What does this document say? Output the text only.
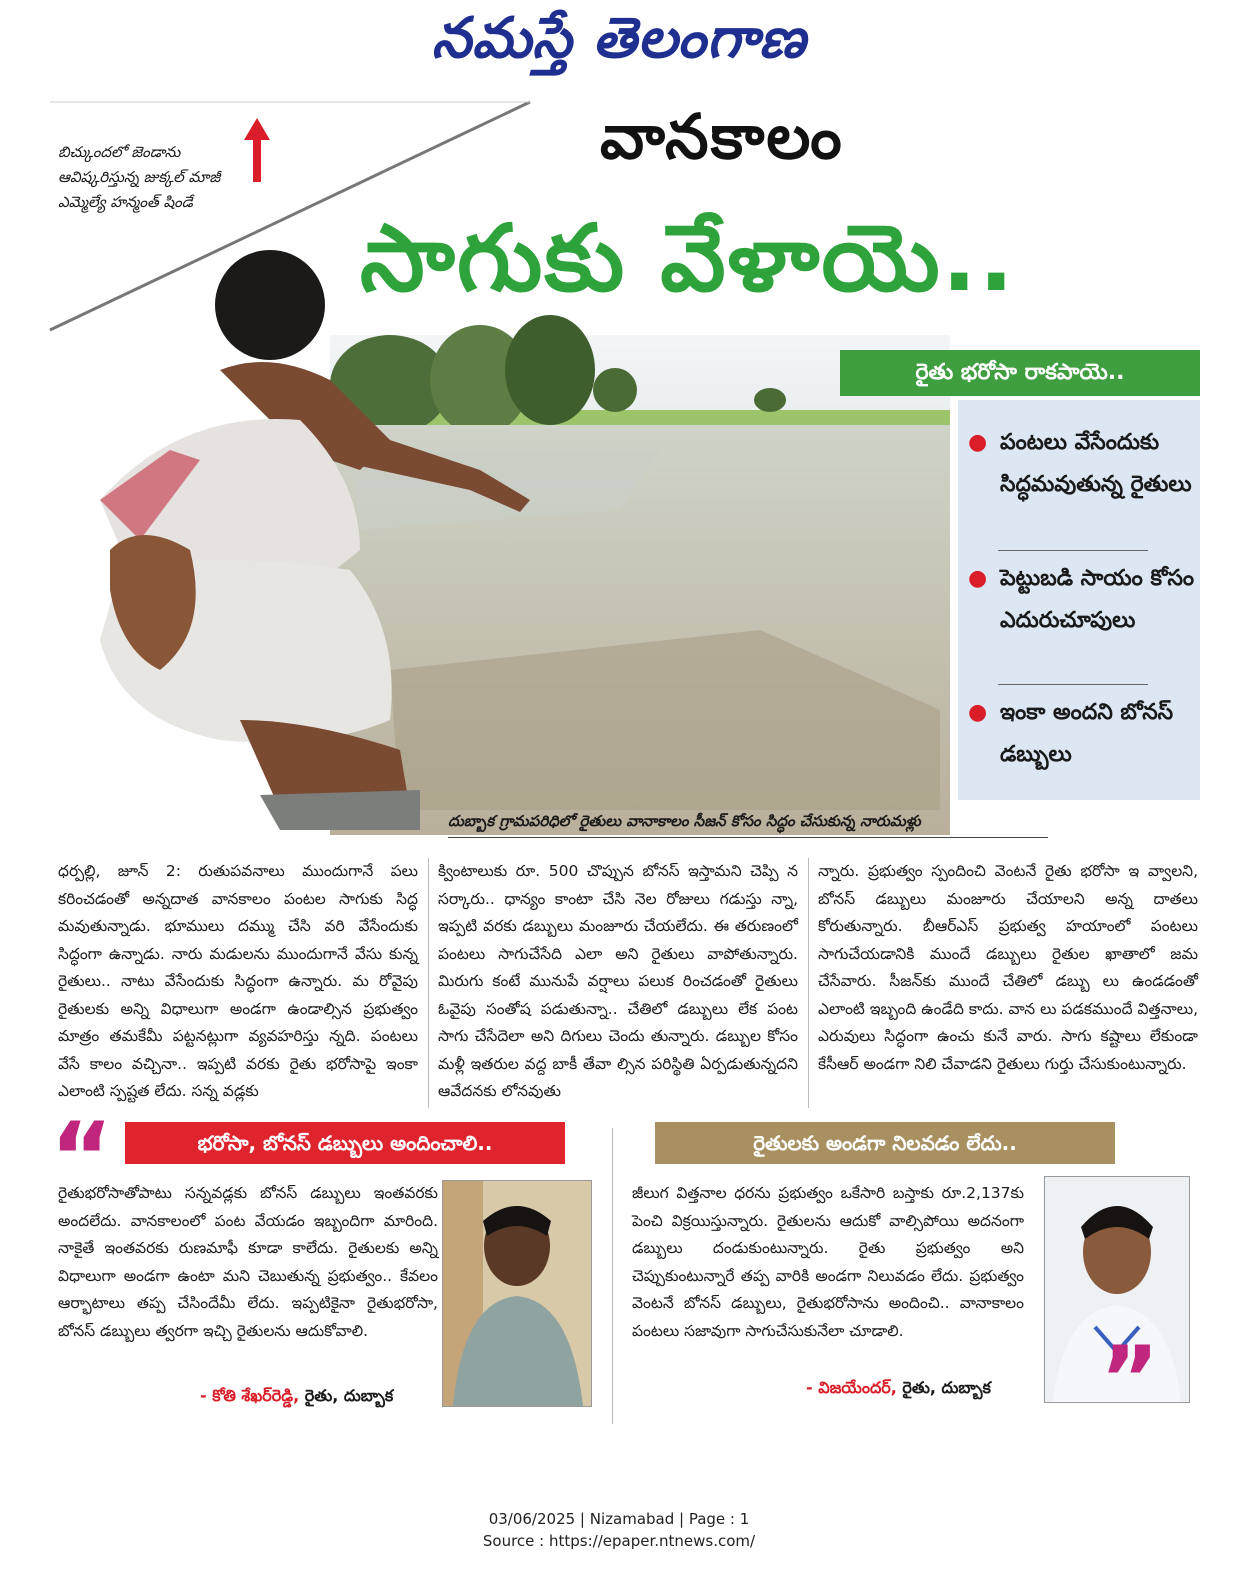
నమస్తే తెలంగాణ
బిచ్కుందలో జెండాను ఆవిష్కరిస్తున్న జుక్కల్ మాజీ ఎమ్మెల్యే హన్మంత్ షిండే
వానకాలం
సాగుకు వేళాయె..
రైతు భరోసా రాకపాయె..
● పంటలు వేసేందుకు సిద్ధమవుతున్న రైతులు
● పెట్టుబడి సాయం కోసం ఎదురుచూపులు
● ఇంకా అందని బోనస్ డబ్బులు
దుబ్బాక గ్రామపరిధిలో రైతులు వానాకాలం సీజన్ కోసం సిద్ధం చేసుకున్న నారుమళ్లు
ధర్పల్లి, జూన్ 2: రుతుపవనాలు ముందుగానే పలు కరించడంతో అన్నదాత వానకాలం పంటల సాగుకు సిద్ధ మవుతున్నాడు. భూములు దమ్ము చేసి వరి వేసేందుకు సిద్ధంగా ఉన్నాడు. నారు మడులను ముందుగానే వేసు కున్న రైతులు.. నాటు వేసేందుకు సిద్ధంగా ఉన్నారు. మ రోవైపు రైతులకు అన్ని విధాలుగా అండగా ఉండాల్సిన ప్రభుత్వం మాత్రం తమకేమీ పట్టనట్లుగా వ్యవహరిస్తు న్నది. పంటలు వేసే కాలం వచ్చినా.. ఇప్పటి వరకు రైతు భరోసాపై ఇంకా ఎలాంటి స్పష్టత లేదు. సన్న వడ్లకు
క్వింటాలుకు రూ. 500 చొప్పున బోనస్ ఇస్తామని చెప్పి న సర్కారు.. ధాన్యం కాంటా చేసి నెల రోజులు గడుస్తు న్నా, ఇప్పటి వరకు డబ్బులు మంజూరు చేయలేదు. ఈ తరుణంలో పంటలు సాగుచేసేది ఎలా అని రైతులు వాపోతున్నారు. మిరుగు కంటే మునుపే వర్షాలు పలుక రించడంతో రైతులు ఓవైపు సంతోష పడుతున్నా.. చేతిలో డబ్బులు లేక పంట సాగు చేసేదెలా అని దిగులు చెందు తున్నారు. డబ్బుల కోసం మళ్లీ ఇతరుల వద్ద బాకీ తేవా ల్సిన పరిస్థితి ఏర్పడుతున్నదని ఆవేదనకు లోనవుతు
న్నారు. ప్రభుత్వం స్పందించి వెంటనే రైతు భరోసా ఇ వ్వాలని, బోనస్ డబ్బులు మంజూరు చేయాలని అన్న దాతలు కోరుతున్నారు. బీఆర్ఎస్ ప్రభుత్వ హయాంలో పంటలు సాగుచేయడానికి ముందే డబ్బులు రైతుల ఖాతాలో జమ చేసేవారు. సీజన్‌కు ముందే చేతిలో డబ్బు లు ఉండడంతో ఎలాంటి ఇబ్బంది ఉండేది కాదు. వాన లు పడకముందే విత్తనాలు, ఎరువులు సిద్ధంగా ఉంచు కునే వారు. సాగు కష్టాలు లేకుండా కేసీఆర్ అండగా నిలి చేవాడని రైతులు గుర్తు చేసుకుంటున్నారు.
“	భరోసా, బోనస్ డబ్బులు అందించాలి..
రైతుభరోసాతోపాటు సన్నవడ్లకు బోనస్ డబ్బులు ఇంతవరకు అందలేదు. వానకాలంలో పంట వేయడం ఇబ్బందిగా మారింది. నాకైతే ఇంతవరకు రుణమాఫీ కూడా కాలేదు. రైతులకు అన్ని విధాలుగా అండగా ఉంటా మని చెబుతున్న ప్రభుత్వం.. కేవలం ఆర్భాటాలు తప్ప చేసిందేమీ లేదు. ఇప్పటికైనా రైతుభరోసా, బోనస్ డబ్బులు త్వరగా ఇచ్చి రైతులను ఆదుకోవాలి.
- కోతి శేఖర్‌రెడ్డి, రైతు, దుబ్బాక
రైతులకు అండగా నిలవడం లేదు..
జీలుగ విత్తనాల ధరను ప్రభుత్వం ఒకేసారి బస్తాకు రూ.2,137కు పెంచి విక్రయిస్తున్నారు. రైతులను ఆదుకో వాల్సిపోయి అదనంగా డబ్బులు దండుకుంటున్నారు. రైతు ప్రభుత్వం అని చెప్పుకుంటున్నారే తప్ప వారికి అండగా నిలువడం లేదు. ప్రభుత్వం వెంటనే బోనస్ డబ్బులు, రైతుభరోసాను అందించి.. వానాకాలం పంటలు సజావుగా సాగుచేసుకునేలా చూడాలి.	”
- విజయేందర్, రైతు, దుబ్బాక
03/06/2025 | Nizamabad | Page : 1
Source : https://epaper.ntnews.com/
